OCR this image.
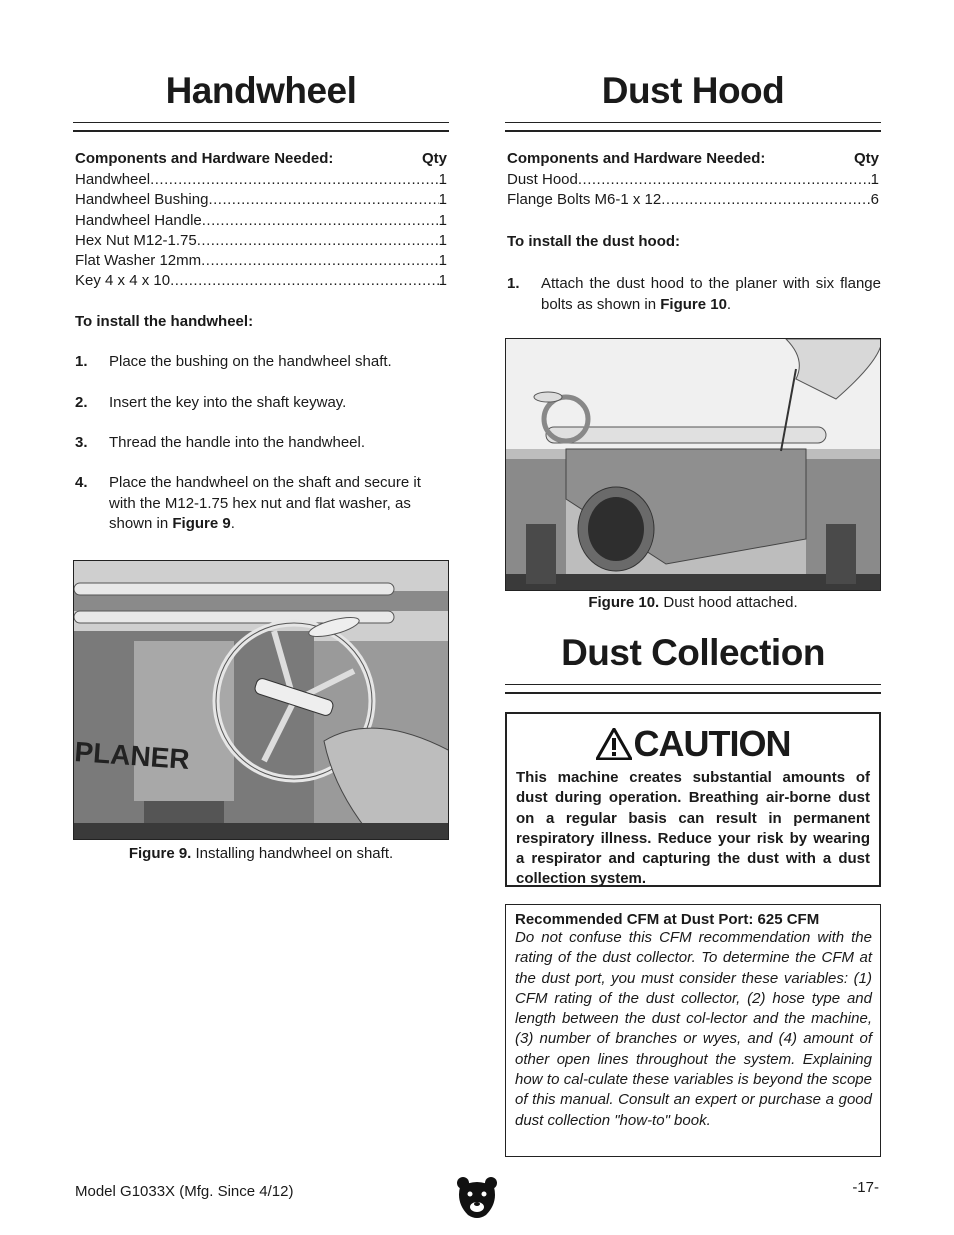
Handwheel
Components and Hardware Needed:	Qty
Handwheel .....	1
Handwheel Bushing .....	1
Handwheel Handle .....	1
Hex Nut M12-1.75 .....	1
Flat Washer 12mm .....	1
Key 4 x 4 x 10 .....	1
To install the handwheel:
1.	Place the bushing on the handwheel shaft.
2.	Insert the key into the shaft keyway.
3.	Thread the handle into the handwheel.
4.	Place the handwheel on the shaft and secure it with the M12-1.75 hex nut and flat washer, as shown in Figure 9.
PLANER
Figure 9. Installing handwheel on shaft.
Dust Hood
Components and Hardware Needed:	Qty
Dust Hood .....	1
Flange Bolts M6-1 x 12 .....	6
To install the dust hood:
1.	Attach the dust hood to the planer with six flange bolts as shown in Figure 10.
Figure 10. Dust hood attached.
Dust Collection
CAUTION
This machine creates substantial amounts of dust during operation. Breathing air-borne dust on a regular basis can result in permanent respiratory illness. Reduce your risk by wearing a respirator and capturing the dust with a dust collection system.
Recommended CFM at Dust Port: 625 CFM
Do not confuse this CFM recommendation with the rating of the dust collector. To determine the CFM at the dust port, you must consider these variables: (1) CFM rating of the dust collector, (2) hose type and length between the dust col-lector and the machine, (3) number of branches or wyes, and (4) amount of other open lines throughout the system. Explaining how to cal-culate these variables is beyond the scope of this manual. Consult an expert or purchase a good dust collection "how-to" book.
Model G1033X (Mfg. Since 4/12)	-17-
